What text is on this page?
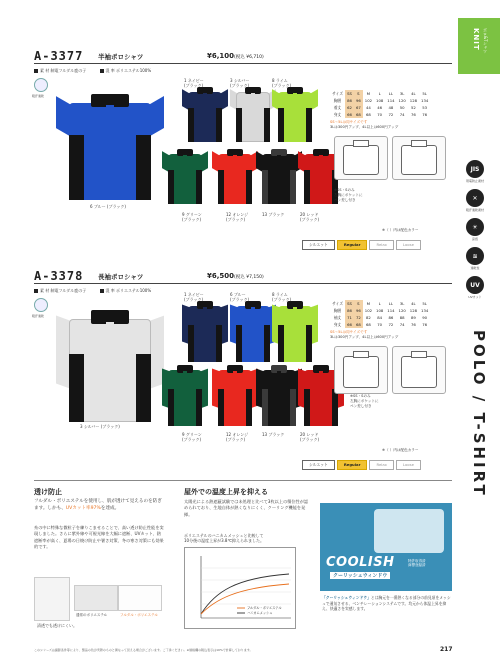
KNIT ポロ&Tシャツ
JIS
帯電防止素材
✕
吸汗速乾素材
☀
涼感
≋
速乾性
UV
UVカット
POLO / T-SHIRT
A-3377 半袖ポロシャツ	¥6,100(税込 ¥6,710)
素 材 制電フルダル鹿の子	混 率 ポリエステル100%
吸汗速乾
6 ブルー (ブラック)
1 ネイビー
(ブラック)
3 シルバー
(ブラック)
8 ライム
(ブラック)
9 グリーン
(ブラック)
12 オレンジ
(ブラック)
13 ブラック	20 レッド
(ブラック)
サイズ	SS	S	M	L	LL	3L	4L	5L
胸囲	86	96	102	108	114	120	128	134
着丈	62	67	44	46	48	50	52	53
身丈	66	68	68	70	72	74	76	76
SS〜5Lは同サイズです
3Lは300円アップ、4L以上は600円アップ
※SS・Sのみ
左胸にポケットに
ペン差し付き
※（ ）内は配色カラー
シルエット	Regular	Relax	Loose
A-3378 長袖ポロシャツ	¥6,500(税込 ¥7,150)
素 材 制電フルダル鹿の子	混 率 ポリエステル100%
吸汗速乾
3 シルバー (ブラック)
1 ネイビー
(ブラック)
6 ブルー
(ブラック)
8 ライム
(ブラック)
9 グリーン
(ブラック)
12 オレンジ
(ブラック)
13 ブラック	20 レッド
(ブラック)
サイズ	SS	S	M	L	LL	3L	4L	5L
胸囲	86	96	102	108	114	120	128	134
袖丈	71	72	82	84	86	88	89	90
身丈	66	68	68	70	72	74	76	76
SS〜5Lは同サイズです
3Lは300円アップ、4L以上は600円アップ
※SS・Sのみ
左胸にポケットに
ペン差し付き
※（ ）内は配色カラー
シルエット	Regular	Relax	Loose
透け防止
フルダル・ポリエステルを使用し、肌が透けて見えるのを防ぎます。しかも、UVカット率97%を達成。
糸の中に特殊な微粒子を練りこませることで、高い透け防止性能を実現しました。さらに紫外線や可視光線を大幅に遮断、UVカット、熱遮断率が高く、夏場の日焼け防止や暑さ対策、冬の寒さ対策にも効果的です。
通常のポリエステル	フルダル・ポリエステル
清透でも透けにくい。
屋外での温度上昇を抑える
太陽光による熱遮蔽試験では未処理と比べて3枚以上の積位性が認められており、生地自体が熱くなりにくく、クーリング機能を発揮。
ポリエステルのハニカムメッシュと比較して
10分後の温度上昇が3.8℃抑えられました。
フルダル・ポリエステル
ハニカムメッシュ
COOLISH
クーリッシュウィンドウ
特許取得済
商標登録済
「クーリッシュウィンドウ」とは胸元を一番熱くなる部分の前見頃をメッシュで通気させる、ベンチレーションシステムです。均元から体温上昇を抑え、快適さを実感します。
このシリーズは撮影条件等により、製品の色が実際のものと異なって見える場合がございます。ご了承ください。※価格欄の税込表示は10%で計算しております。	217
